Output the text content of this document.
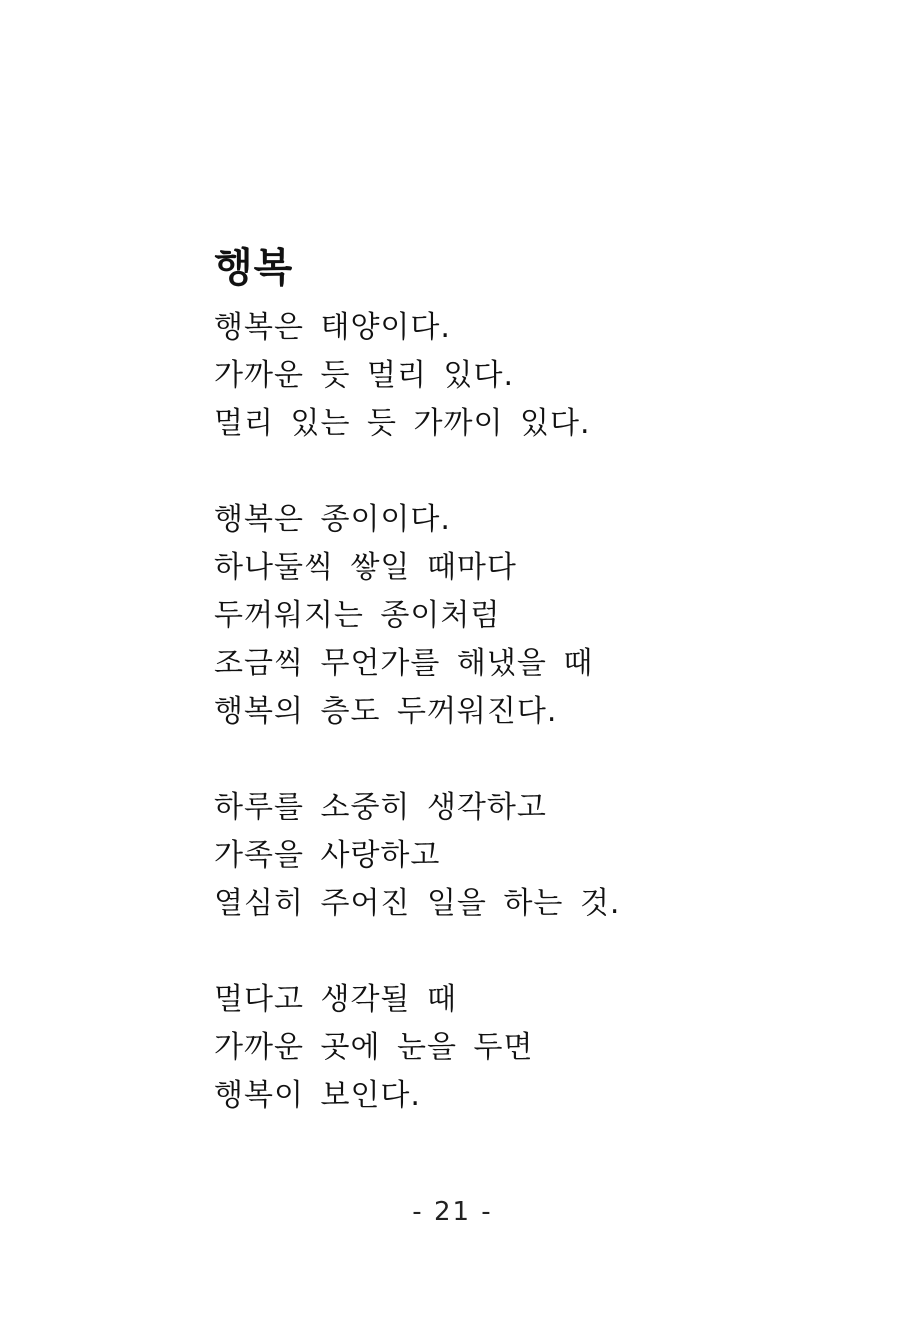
행복
행복은 태양이다.
가까운 듯 멀리 있다.
멀리 있는 듯 가까이 있다.
행복은 종이이다.
하나둘씩 쌓일 때마다
두꺼워지는 종이처럼
조금씩 무언가를 해냈을 때
행복의 층도 두꺼워진다.
하루를 소중히 생각하고
가족을 사랑하고
열심히 주어진 일을 하는 것.
멀다고 생각될 때
가까운 곳에 눈을 두면
행복이 보인다.
- 21 -
